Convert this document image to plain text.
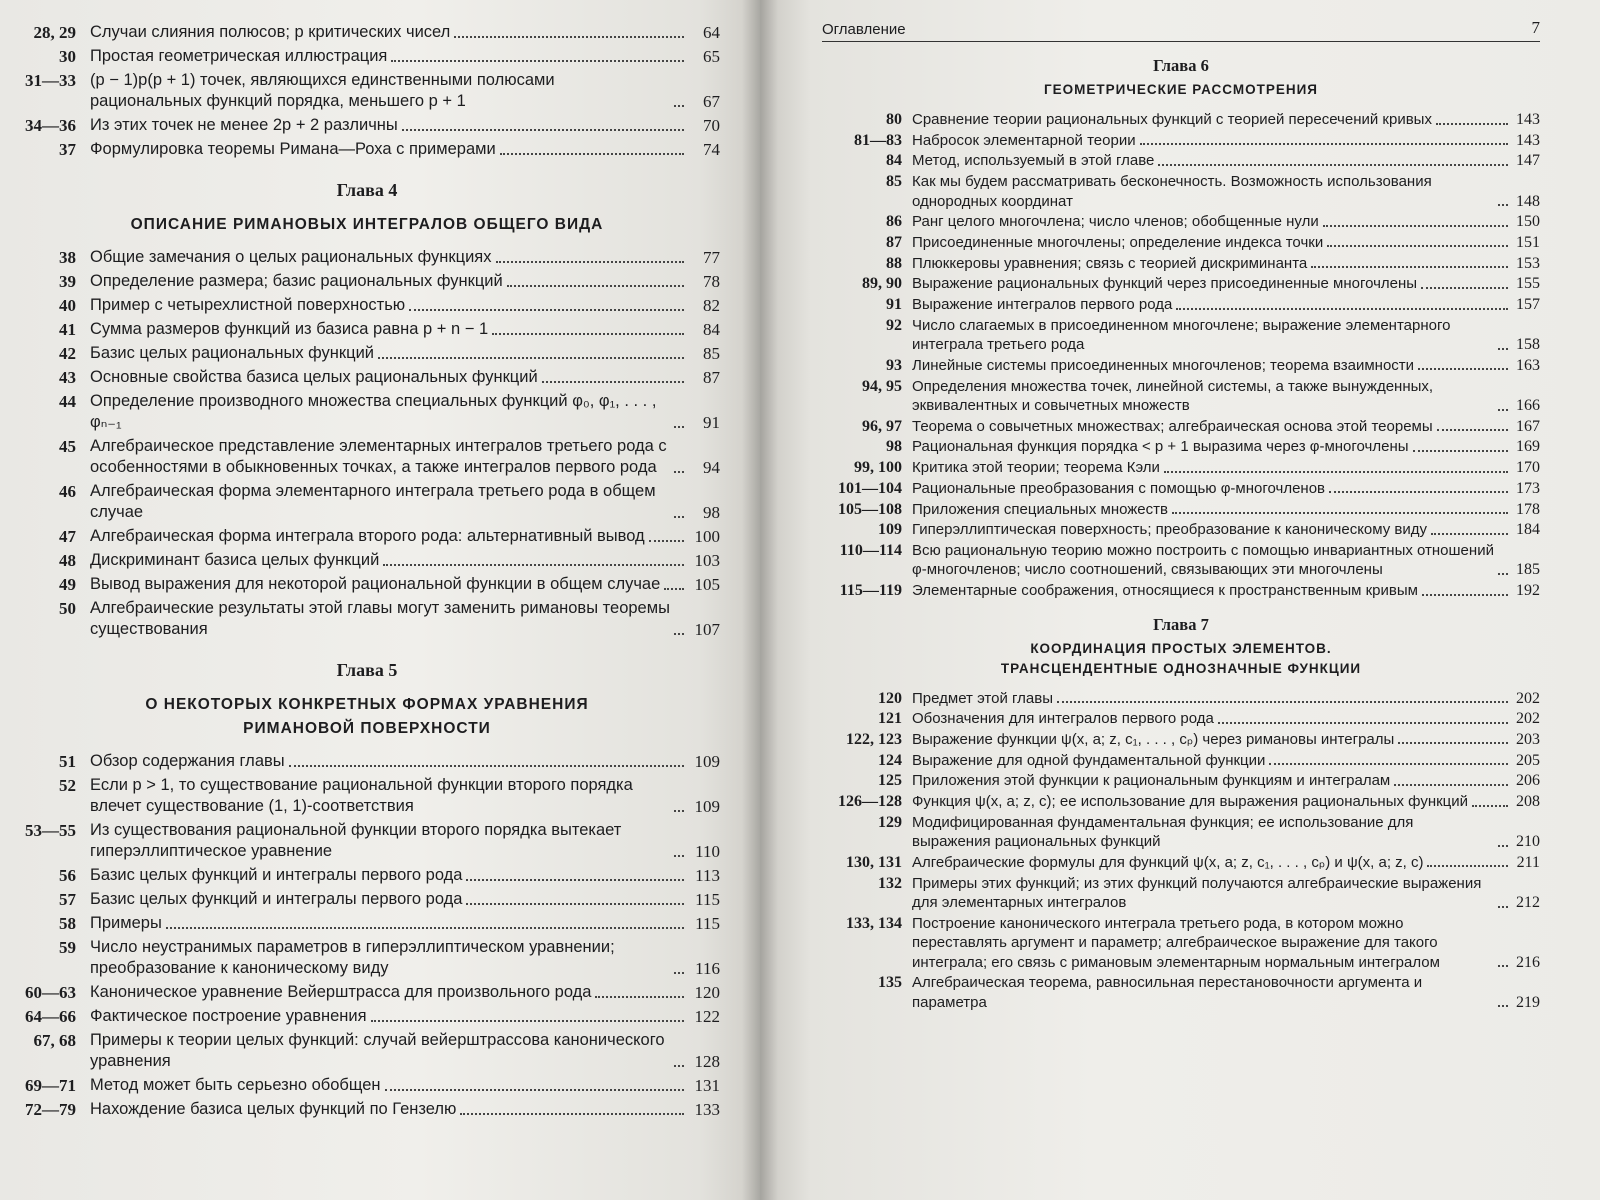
28, 29 Случаи слияния полюсов; p критических чисел	64
30 Простая геометрическая иллюстрация	65
31—33 (p − 1)p(p + 1) точек, являющихся единственными полюсами рациональных функций порядка, меньшего p + 1	67
34—36 Из этих точек не менее 2p + 2 различны	70
37 Формулировка теоремы Римана—Роха с примерами	74
Глава 4
ОПИСАНИЕ РИМАНОВЫХ ИНТЕГРАЛОВ ОБЩЕГО ВИДА
38 Общие замечания о целых рациональных функциях	77
39 Определение размера; базис рациональных функций	78
40 Пример с четырехлистной поверхностью	82
41 Сумма размеров функций из базиса равна p + n − 1	84
42 Базис целых рациональных функций	85
43 Основные свойства базиса целых рациональных функций	87
44 Определение производного множества специальных функций φ₀, φ₁, . . . , φₙ₋₁	91
45 Алгебраическое представление элементарных интегралов третьего рода с особенностями в обыкновенных точках, а также интегралов первого рода	94
46 Алгебраическая форма элементарного интеграла третьего рода в общем случае	98
47 Алгебраическая форма интеграла второго рода: альтернативный вывод	100
48 Дискриминант базиса целых функций	103
49 Вывод выражения для некоторой рациональной функции в общем случае	105
50 Алгебраические результаты этой главы могут заменить римановы теоремы существования	107
Глава 5
О НЕКОТОРЫХ КОНКРЕТНЫХ ФОРМАХ УРАВНЕНИЯ
РИМАНОВОЙ ПОВЕРХНОСТИ
51 Обзор содержания главы	109
52 Если p > 1, то существование рациональной функции второго порядка влечет существование (1, 1)-соответствия	109
53—55 Из существования рациональной функции второго порядка вытекает гиперэллиптическое уравнение	110
56 Базис целых функций и интегралы первого рода	113
57 Базис целых функций и интегралы первого рода	115
58 Примеры	115
59 Число неустранимых параметров в гиперэллиптическом уравнении; преобразование к каноническому виду	116
60—63 Каноническое уравнение Вейерштрасса для произвольного рода	120
64—66 Фактическое построение уравнения	122
67, 68 Примеры к теории целых функций: случай вейерштрассова канонического уравнения	128
69—71 Метод может быть серьезно обобщен	131
72—79 Нахождение базиса целых функций по Гензелю	133
Оглавление	7
Глава 6
ГЕОМЕТРИЧЕСКИЕ РАССМОТРЕНИЯ
80 Сравнение теории рациональных функций с теорией пересечений кривых	143
81—83 Набросок элементарной теории	143
84 Метод, используемый в этой главе	147
85 Как мы будем рассматривать бесконечность. Возможность использования однородных координат	148
86 Ранг целого многочлена; число членов; обобщенные нули	150
87 Присоединенные многочлены; определение индекса точки	151
88 Плюккеровы уравнения; связь с теорией дискриминанта	153
89, 90 Выражение рациональных функций через присоединенные многочлены	155
91 Выражение интегралов первого рода	157
92 Число слагаемых в присоединенном многочлене; выражение элементарного интеграла третьего рода	158
93 Линейные системы присоединенных многочленов; теорема взаимности	163
94, 95 Определения множества точек, линейной системы, а также вынужденных, эквивалентных и совычетных множеств	166
96, 97 Теорема о совычетных множествах; алгебраическая основа этой теоремы	167
98 Рациональная функция порядка < p + 1 выразима через φ-многочлены	169
99, 100 Критика этой теории; теорема Кэли	170
101—104 Рациональные преобразования с помощью φ-многочленов	173
105—108 Приложения специальных множеств	178
109 Гиперэллиптическая поверхность; преобразование к каноническому виду	184
110—114 Всю рациональную теорию можно построить с помощью инвариантных отношений φ-многочленов; число соотношений, связывающих эти многочлены	185
115—119 Элементарные соображения, относящиеся к пространственным кривым	192
Глава 7
КООРДИНАЦИЯ ПРОСТЫХ ЭЛЕМЕНТОВ.
ТРАНСЦЕНДЕНТНЫЕ ОДНОЗНАЧНЫЕ ФУНКЦИИ
120 Предмет этой главы	202
121 Обозначения для интегралов первого рода	202
122, 123 Выражение функции ψ(x, a; z, c₁, . . . , cₚ) через римановы интегралы	203
124 Выражение для одной фундаментальной функции	205
125 Приложения этой функции к рациональным функциям и интегралам	206
126—128 Функция ψ(x, a; z, c); ее использование для выражения рациональных функций	208
129 Модифицированная фундаментальная функция; ее использование для выражения рациональных функций	210
130, 131 Алгебраические формулы для функций ψ(x, a; z, c₁, . . . , cₚ) и ψ(x, a; z, c)	211
132 Примеры этих функций; из этих функций получаются алгебраические выражения для элементарных интегралов	212
133, 134 Построение канонического интеграла третьего рода, в котором можно переставлять аргумент и параметр; алгебраическое выражение для такого интеграла; его связь с римановым элементарным нормальным интегралом	216
135 Алгебраическая теорема, равносильная перестановочности аргумента и параметра	219
